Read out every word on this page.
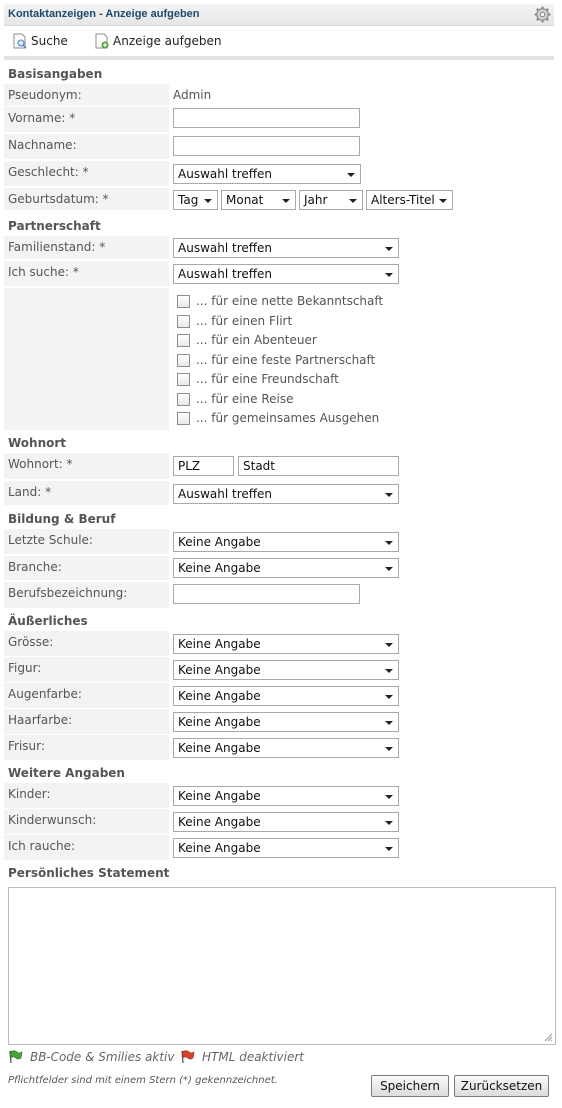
Kontaktanzeigen - Anzeige aufgeben
Suche	Anzeige aufgeben
Basisangaben
Pseudonym:	Admin
Vorname: *
Nachname:
Geschlecht: *	Auswahl treffen
Geburtsdatum: *	Tag	Monat	Jahr	Alters-Titel
Partnerschaft
Familienstand: *	Auswahl treffen
Ich suche: *	Auswahl treffen
... für eine nette Bekanntschaft
... für einen Flirt
... für ein Abenteuer
... für eine feste Partnerschaft
... für eine Freundschaft
... für eine Reise
... für gemeinsames Ausgehen
Wohnort
Wohnort: *	PLZ	Stadt
Land: *	Auswahl treffen
Bildung & Beruf
Letzte Schule:	Keine Angabe
Branche:	Keine Angabe
Berufsbezeichnung:
Äußerliches
Grösse:	Keine Angabe
Figur:	Keine Angabe
Augenfarbe:	Keine Angabe
Haarfarbe:	Keine Angabe
Frisur:	Keine Angabe
Weitere Angaben
Kinder:	Keine Angabe
Kinderwunsch:	Keine Angabe
Ich rauche:	Keine Angabe
Persönliches Statement
BB-Code & Smilies aktiv HTML deaktiviert
Pflichtfelder sind mit einem Stern (*) gekennzeichnet.	Speichern	Zurücksetzen
